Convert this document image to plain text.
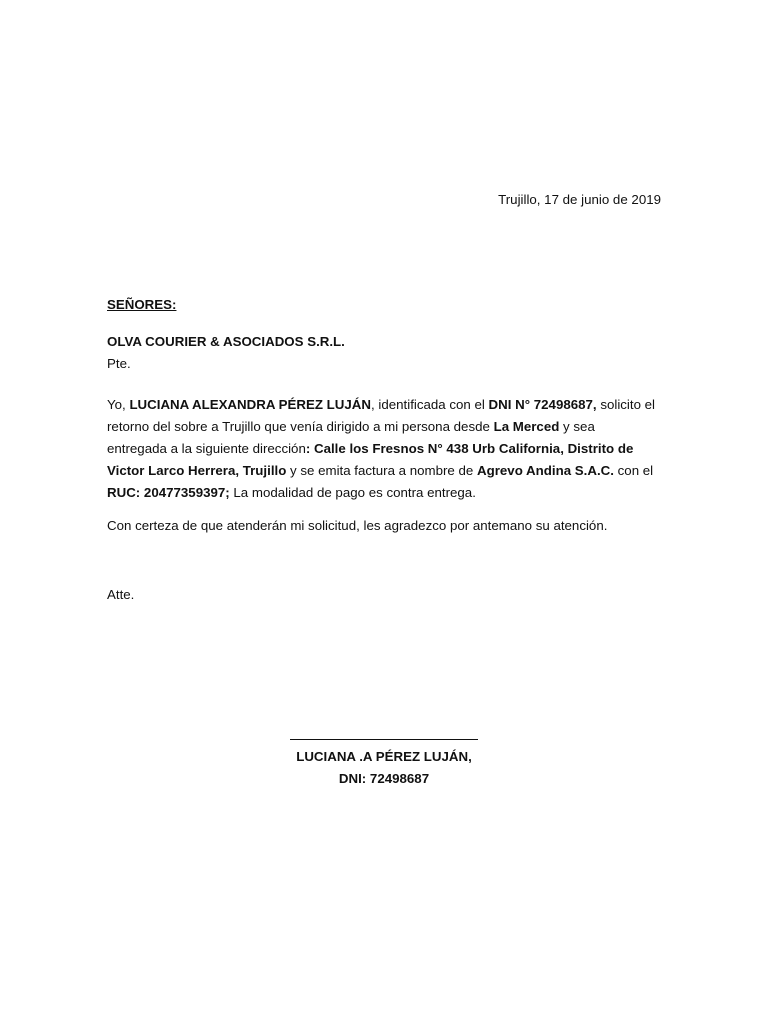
Trujillo, 17 de junio de 2019
SEÑORES:
OLVA COURIER & ASOCIADOS S.R.L.
Pte.
Yo, LUCIANA ALEXANDRA PÉREZ LUJÁN, identificada con el DNI N° 72498687, solicito el
retorno del sobre a Trujillo que venía dirigido a mi persona desde La Merced y sea
entregada a la siguiente dirección: Calle los Fresnos N° 438 Urb California, Distrito de
Victor Larco Herrera, Trujillo y se emita factura a nombre de Agrevo Andina S.A.C. con el
RUC: 20477359397; La modalidad de pago es contra entrega.
Con certeza de que atenderán mi solicitud, les agradezco por antemano su atención.
Atte.
LUCIANA .A PÉREZ LUJÁN,
DNI: 72498687
